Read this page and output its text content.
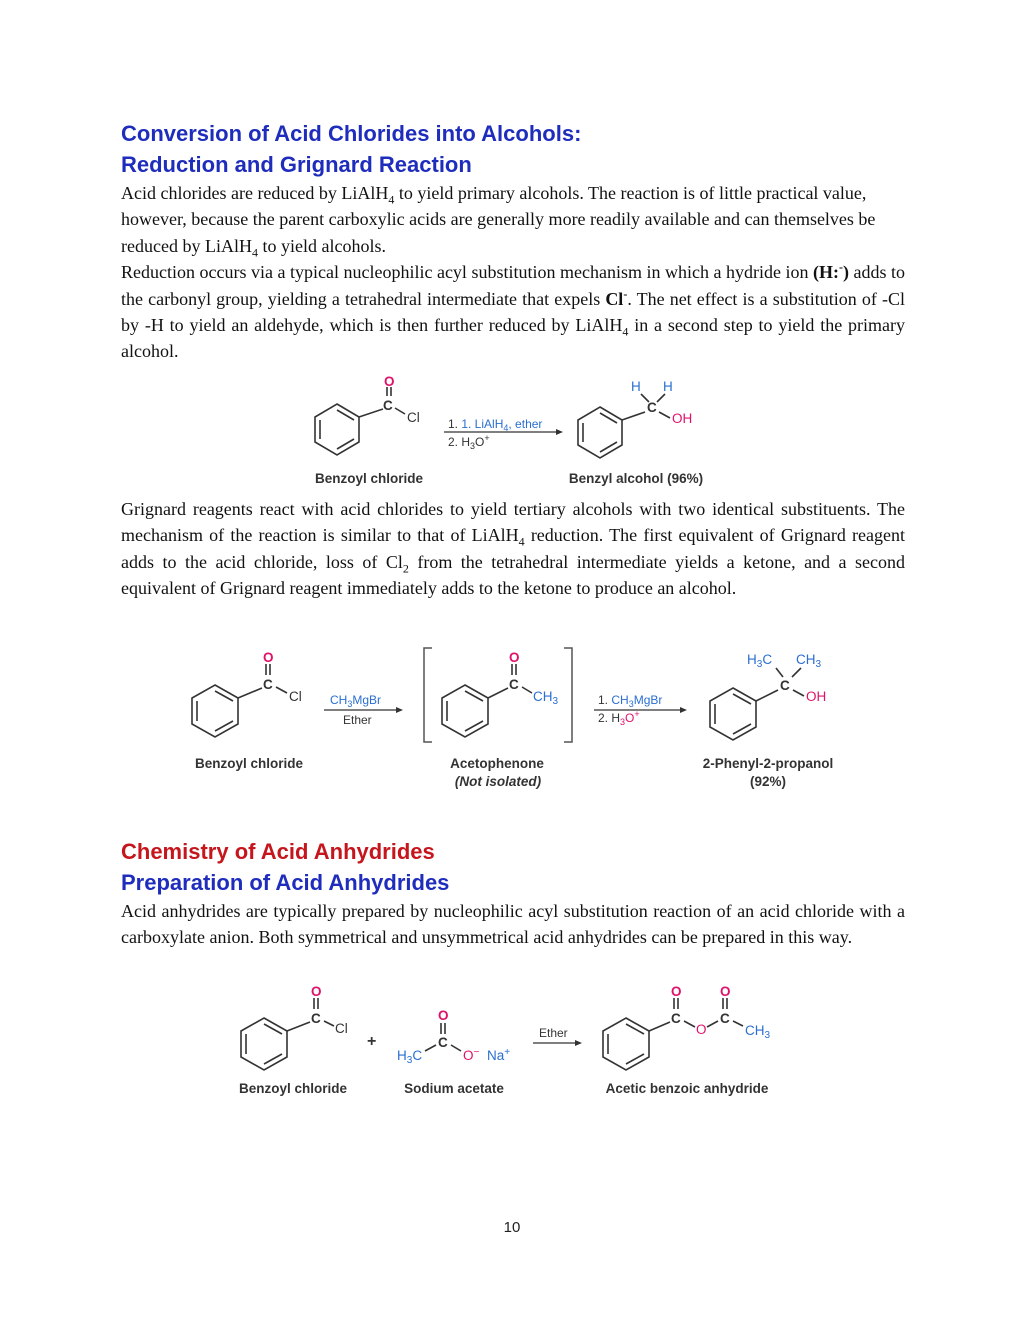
Conversion of Acid Chlorides into Alcohols:
Reduction and Grignard Reaction

Acid chlorides are reduced by LiAlH$_4$ to yield primary alcohols. The reaction is of little practical value, however, because the parent carboxylic acids are generally more readily available and can themselves be reduced by LiAlH$_4$ to yield alcohols.

Reduction occurs via a typical nucleophilic acyl substitution mechanism in which a hydride ion (H:-) adds to the carbonyl group, yielding a tetrahedral intermediate that expels Cl-. The net effect is a substitution of -Cl by -H to yield an aldehyde, which is then further reduced by LiAlH$_4$ in a second step to yield the primary alcohol.

C
O
Cl 1. 1. LiAlH$_4$, ether
2. $H_3O^+$
C
H H
OH
Benzoyl chloride	Benzyl alcohol (96%)

Grignard reagents react with acid chlorides to yield tertiary alcohols with two identical substituents. The mechanism of the reaction is similar to that of LiAlH$_4$ reduction. The first equivalent of Grignard reagent adds to the acid chloride, loss of $Cl_2$ from the tetrahedral intermediate yields a ketone, and a second equivalent of Grignard reagent immediately adds to the ketone to produce an alcohol.

C
O
Cl $CH_3MgBr$
Ether
C
O
$CH_3$	1. $CH_3MgBr$
2. $H_3O^+$
C
$H_3C$ $CH_3$
OH
Benzoyl chloride	Acetophenone
(Not isolated)
2-Phenyl-2-propanol
(92%)
Chemistry of Acid Anhydrides
Preparation of Acid Anhydrides

Acid anhydrides are typically prepared by nucleophilic acyl substitution reaction of an acid chloride with a carboxylate anion. Both symmetrical and unsymmetrical acid anhydrides can be prepared in this way.

C
O
Cl
+
$H_3C$
C
O
O− Na+
Ether
C
O
O
C
O
$CH_3$
Benzoyl chloride	Sodium acetate	Acetic benzoic anhydride
10
